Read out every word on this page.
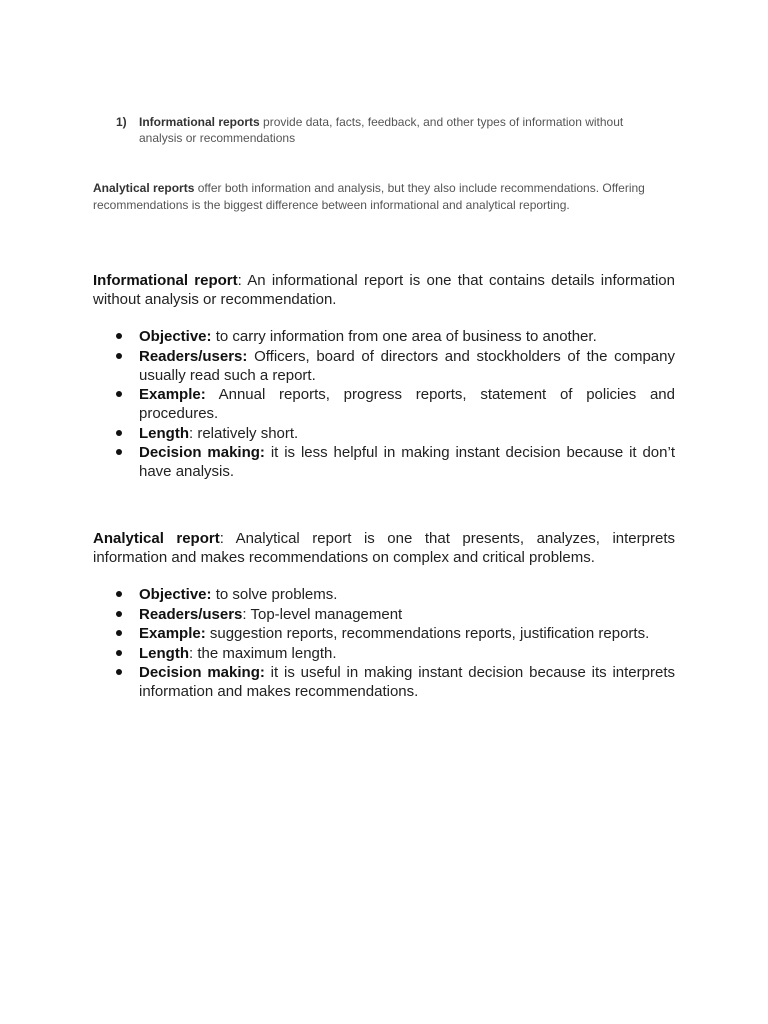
1) Informational reports provide data, facts, feedback, and other types of information without analysis or recommendations
Analytical reports offer both information and analysis, but they also include recommendations. Offering recommendations is the biggest difference between informational and analytical reporting.

Informational report: An informational report is one that contains details information without analysis or recommendation.

Objective: to carry information from one area of business to another.
Readers/users: Officers, board of directors and stockholders of the company usually read such a report.
Example: Annual reports, progress reports, statement of policies and procedures.
Length: relatively short.
Decision making: it is less helpful in making instant decision because it don’t have analysis.

Analytical report: Analytical report is one that presents, analyzes, interprets information and makes recommendations on complex and critical problems.

Objective: to solve problems.
Readers/users: Top-level management
Example: suggestion reports, recommendations reports, justification reports.
Length: the maximum length.
Decision making: it is useful in making instant decision because its interprets information and makes recommendations.
